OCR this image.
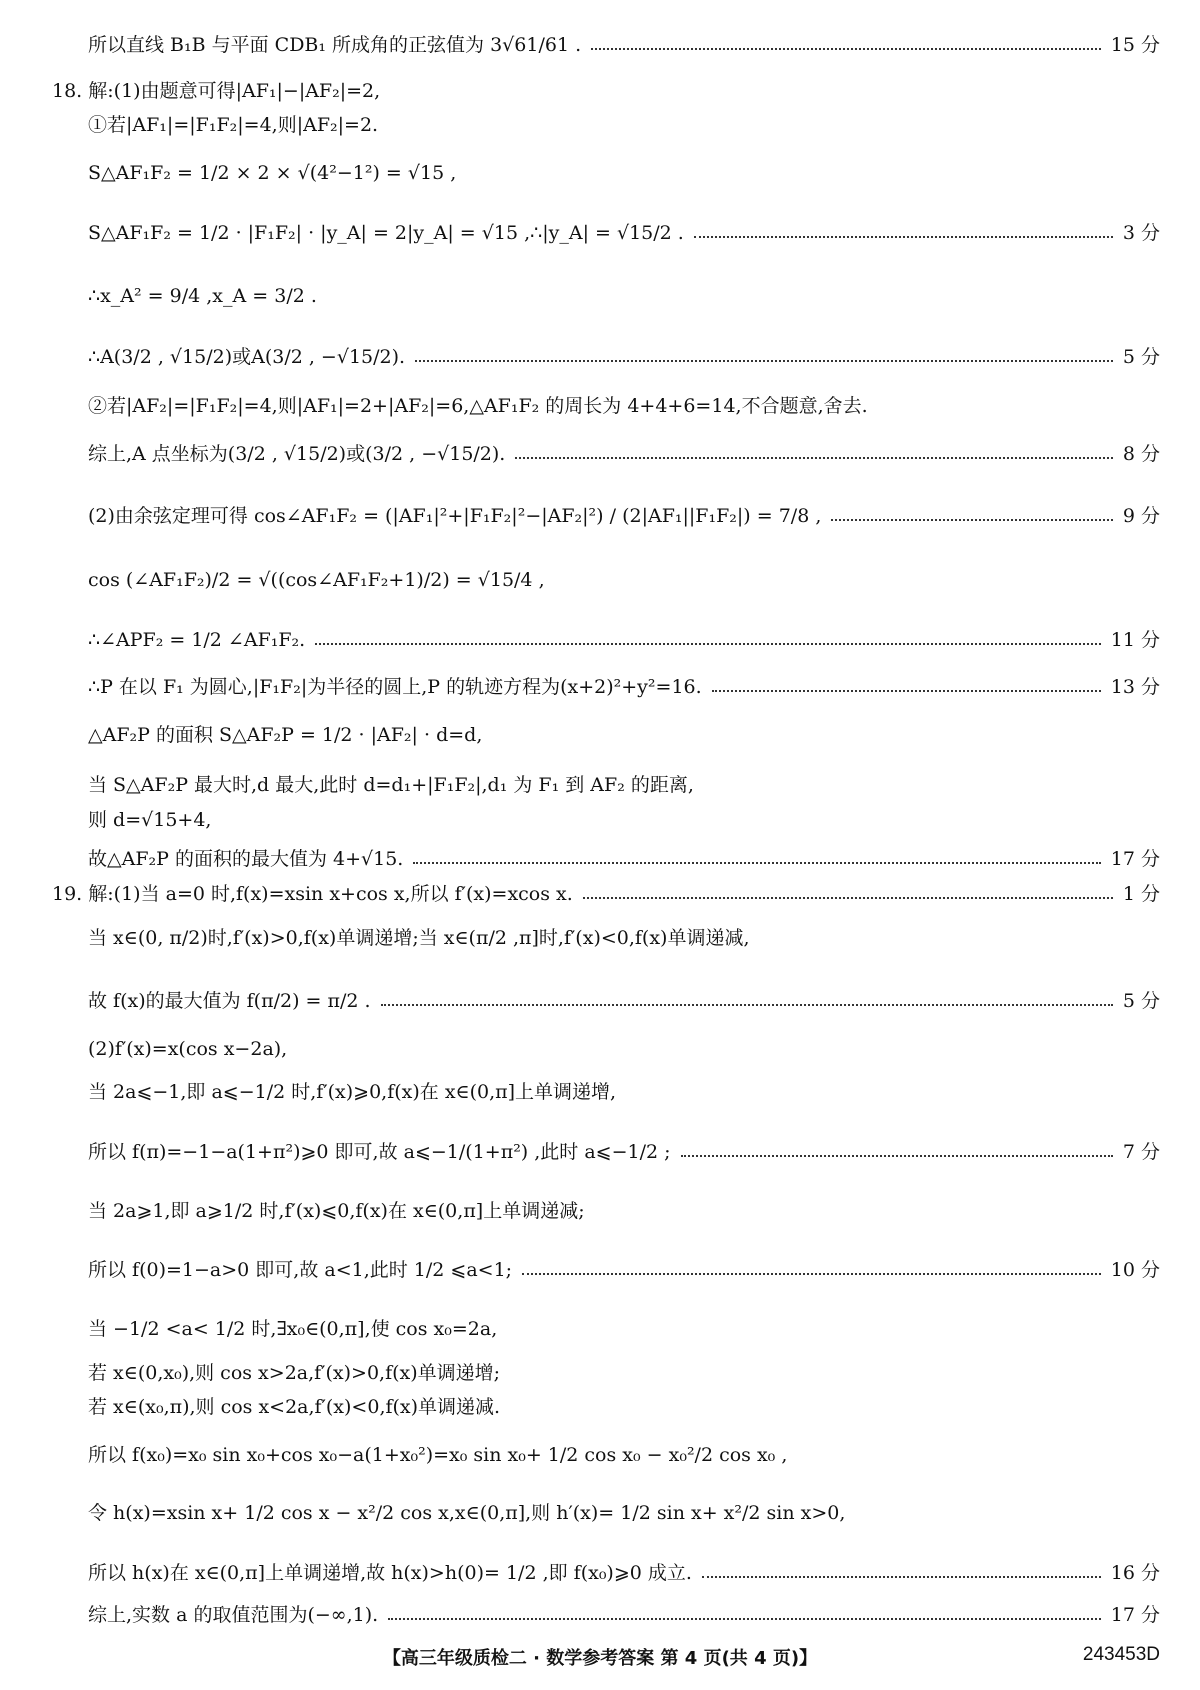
所以直线 B₁B 与平面 CDB₁ 所成角的正弦值为 3√61/61 .	15 分
18. 解:(1)由题意可得|AF₁|−|AF₂|=2,
①若|AF₁|=|F₁F₂|=4,则|AF₂|=2.
S△AF₁F₂ = 1/2 × 2 × √(4²−1²) = √15 ,
S△AF₁F₂ = 1/2 · |F₁F₂| · |y_A| = 2|y_A| = √15 ,∴|y_A| = √15/2 .	3 分
∴x_A² = 9/4 ,x_A = 3/2 .
∴A(3/2 , √15/2)或A(3/2 , −√15/2).	5 分
②若|AF₂|=|F₁F₂|=4,则|AF₁|=2+|AF₂|=6,△AF₁F₂ 的周长为 4+4+6=14,不合题意,舍去.
综上,A 点坐标为(3/2 , √15/2)或(3/2 , −√15/2).	8 分
(2)由余弦定理可得 cos∠AF₁F₂ = (|AF₁|²+|F₁F₂|²−|AF₂|²) / (2|AF₁||F₁F₂|) = 7/8 ,	9 分
cos (∠AF₁F₂)/2 = √((cos∠AF₁F₂+1)/2) = √15/4 ,
∴∠APF₂ = 1/2 ∠AF₁F₂.	11 分
∴P 在以 F₁ 为圆心,|F₁F₂|为半径的圆上,P 的轨迹方程为(x+2)²+y²=16.	13 分
△AF₂P 的面积 S△AF₂P = 1/2 · |AF₂| · d=d,
当 S△AF₂P 最大时,d 最大,此时 d=d₁+|F₁F₂|,d₁ 为 F₁ 到 AF₂ 的距离,
则 d=√15+4,
故△AF₂P 的面积的最大值为 4+√15.	17 分
19. 解:(1)当 a=0 时,f(x)=xsin x+cos x,所以 f′(x)=xcos x.	1 分
当 x∈(0, π/2)时,f′(x)>0,f(x)单调递增;当 x∈(π/2 ,π]时,f′(x)<0,f(x)单调递减,
故 f(x)的最大值为 f(π/2) = π/2 .	5 分
(2)f′(x)=x(cos x−2a),
当 2a⩽−1,即 a⩽−1/2 时,f′(x)⩾0,f(x)在 x∈(0,π]上单调递增,
所以 f(π)=−1−a(1+π²)⩾0 即可,故 a⩽−1/(1+π²) ,此时 a⩽−1/2 ;	7 分
当 2a⩾1,即 a⩾1/2 时,f′(x)⩽0,f(x)在 x∈(0,π]上单调递减;
所以 f(0)=1−a>0 即可,故 a<1,此时 1/2 ⩽a<1;	10 分
当 −1/2 <a< 1/2 时,∃x₀∈(0,π],使 cos x₀=2a,
若 x∈(0,x₀),则 cos x>2a,f′(x)>0,f(x)单调递增;
若 x∈(x₀,π),则 cos x<2a,f′(x)<0,f(x)单调递减.
所以 f(x₀)=x₀ sin x₀+cos x₀−a(1+x₀²)=x₀ sin x₀+ 1/2 cos x₀ − x₀²/2 cos x₀ ,
令 h(x)=xsin x+ 1/2 cos x − x²/2 cos x,x∈(0,π],则 h′(x)= 1/2 sin x+ x²/2 sin x>0,
所以 h(x)在 x∈(0,π]上单调递增,故 h(x)>h(0)= 1/2 ,即 f(x₀)⩾0 成立.	16 分
综上,实数 a 的取值范围为(−∞,1).	17 分
【高三年级质检二 · 数学参考答案 第 4 页(共 4 页)】	243453D
